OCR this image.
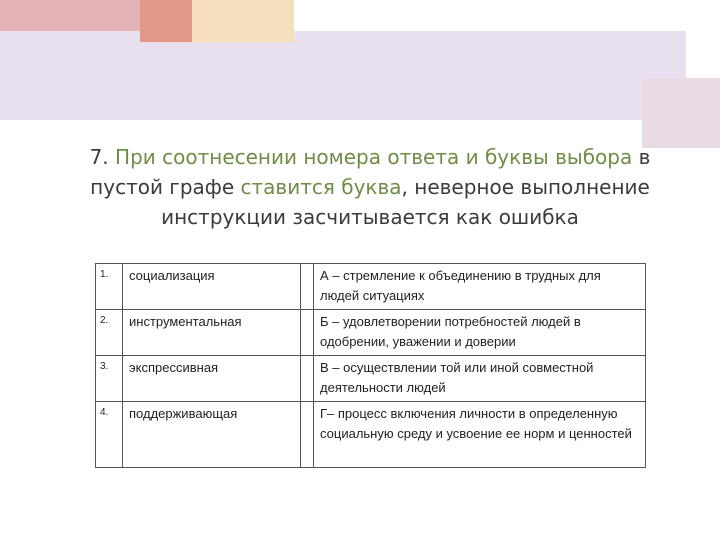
7. При соотнесении номера ответа и буквы выбора в пустой графе ставится буква, неверное выполнение инструкции засчитывается как ошибка
1.	социализация		А – стремление к объединению в трудных для людей ситуациях
2.	инструментальная		Б – удовлетворении потребностей людей в одобрении, уважении и доверии
3.	экспрессивная		В – осуществлении той или иной совместной деятельности людей
4.	поддерживающая		Г– процесс включения личности в определенную социальную среду и усвоение ее норм и ценностей
